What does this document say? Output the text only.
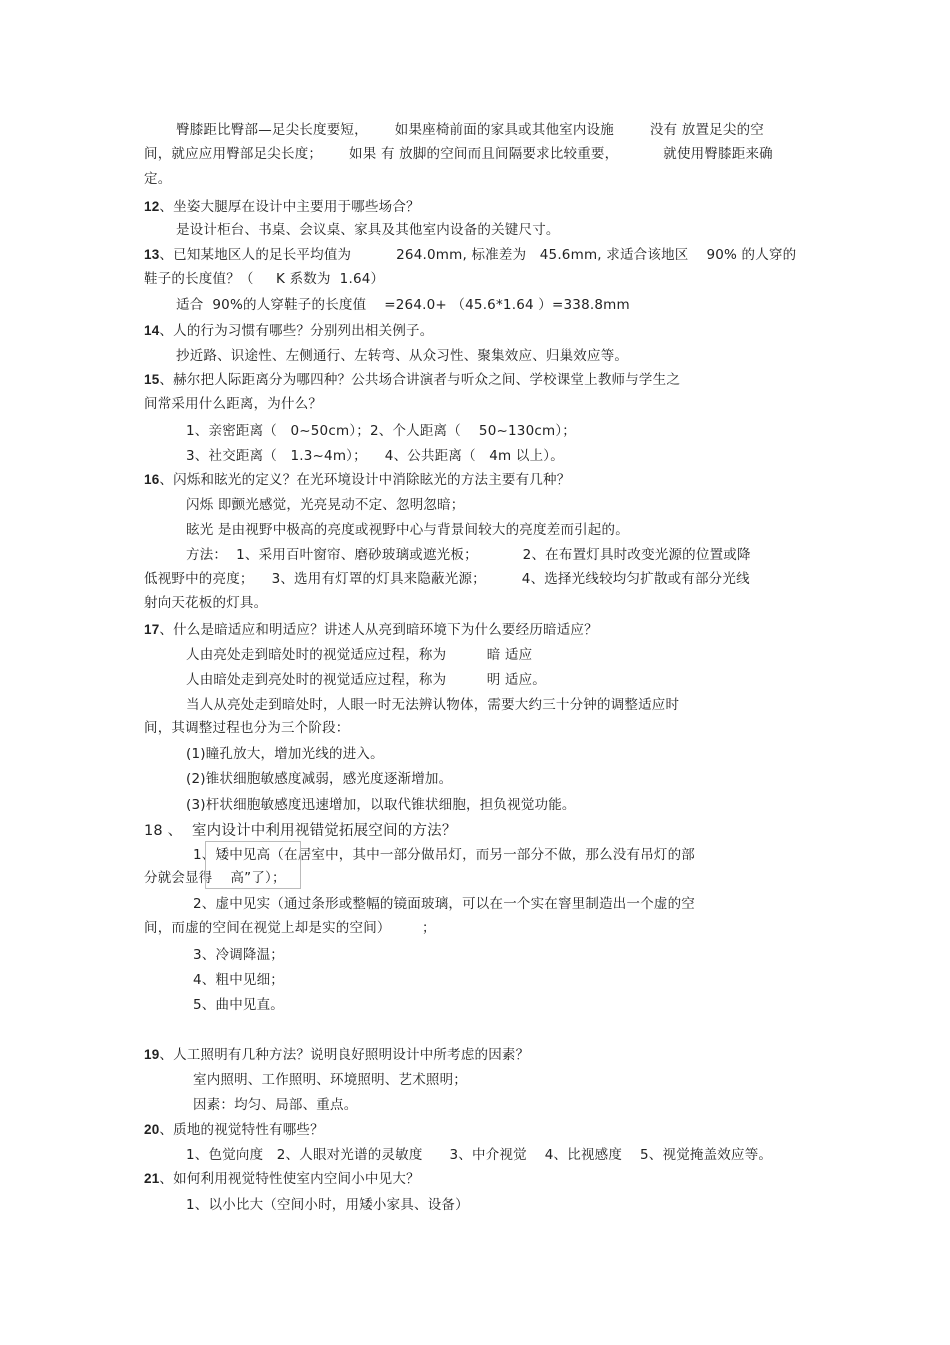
臀膝距比臀部—足尖长度要短，      如果座椅前面的家具或其他室内设施        没有 放置足尖的空
间，就应应用臀部足尖长度；      如果 有 放脚的空间而且间隔要求比较重要，          就使用臀膝距来确
定。
12、坐姿大腿厚在设计中主要用于哪些场合？
是设计柜台、书桌、会议桌、家具及其他室内设备的关键尺寸。
13、已知某地区人的足长平均值为          264.0mm, 标准差为   45.6mm, 求适合该地区    90% 的人穿的
鞋子的长度值？（     K 系数为  1.64）
适合  90%的人穿鞋子的长度值    =264.0+ （45.6*1.64 ）=338.8mm
14、人的行为习惯有哪些？分别列出相关例子。
抄近路、识途性、左侧通行、左转弯、从众习性、聚集效应、归巢效应等。
15、赫尔把人际距离分为哪四种？公共场合讲演者与听众之间、学校课堂上教师与学生之
间常采用什么距离，为什么？
1、亲密距离（   0~50cm）；2、个人距离（    50~130cm）；
3、社交距离（   1.3~4m）；    4、公共距离（   4m 以上）。
16、闪烁和眩光的定义？在光环境设计中消除眩光的方法主要有几种？
闪烁 即颤光感觉，光亮晃动不定、忽明忽暗；
眩光 是由视野中极高的亮度或视野中心与背景间较大的亮度差而引起的。
方法：  1、采用百叶窗帘、磨砂玻璃或遮光板；          2、在布置灯具时改变光源的位置或降
低视野中的亮度；    3、选用有灯罩的灯具来隐蔽光源；        4、选择光线较均匀扩散或有部分光线
射向天花板的灯具。
17、什么是暗适应和明适应？讲述人从亮到暗环境下为什么要经历暗适应？
人由亮处走到暗处时的视觉适应过程，称为         暗 适应
人由暗处走到亮处时的视觉适应过程，称为         明 适应。
当人从亮处走到暗处时，人眼一时无法辨认物体，需要大约三十分钟的调整适应时
间，其调整过程也分为三个阶段：
(1)瞳孔放大，增加光线的进入。
(2)锥状细胞敏感度减弱，感光度逐渐增加。
(3)杆状细胞敏感度迅速增加，以取代锥状细胞，担负视觉功能。
18 、  室内设计中利用视错觉拓展空间的方法？
1、矮中见高（在居室中，其中一部分做吊灯，而另一部分不做，那么没有吊灯的部
分就会显得    高”了）；
2、虚中见实（通过条形或整幅的镜面玻璃，可以在一个实在窨里制造出一个虚的空
间，而虚的空间在视觉上却是实的空间）       ；
3、冷调降温；
4、粗中见细；
5、曲中见直。
19、人工照明有几种方法？说明良好照明设计中所考虑的因素？
室内照明、工作照明、环境照明、艺术照明；
因素：均匀、局部、重点。
20、质地的视觉特性有哪些？
1、色觉向度   2、人眼对光谱的灵敏度      3、中介视觉    4、比视感度    5、视觉掩盖效应等。
21、如何利用视觉特性使室内空间小中见大？
1、以小比大（空间小时，用矮小家具、设备）
